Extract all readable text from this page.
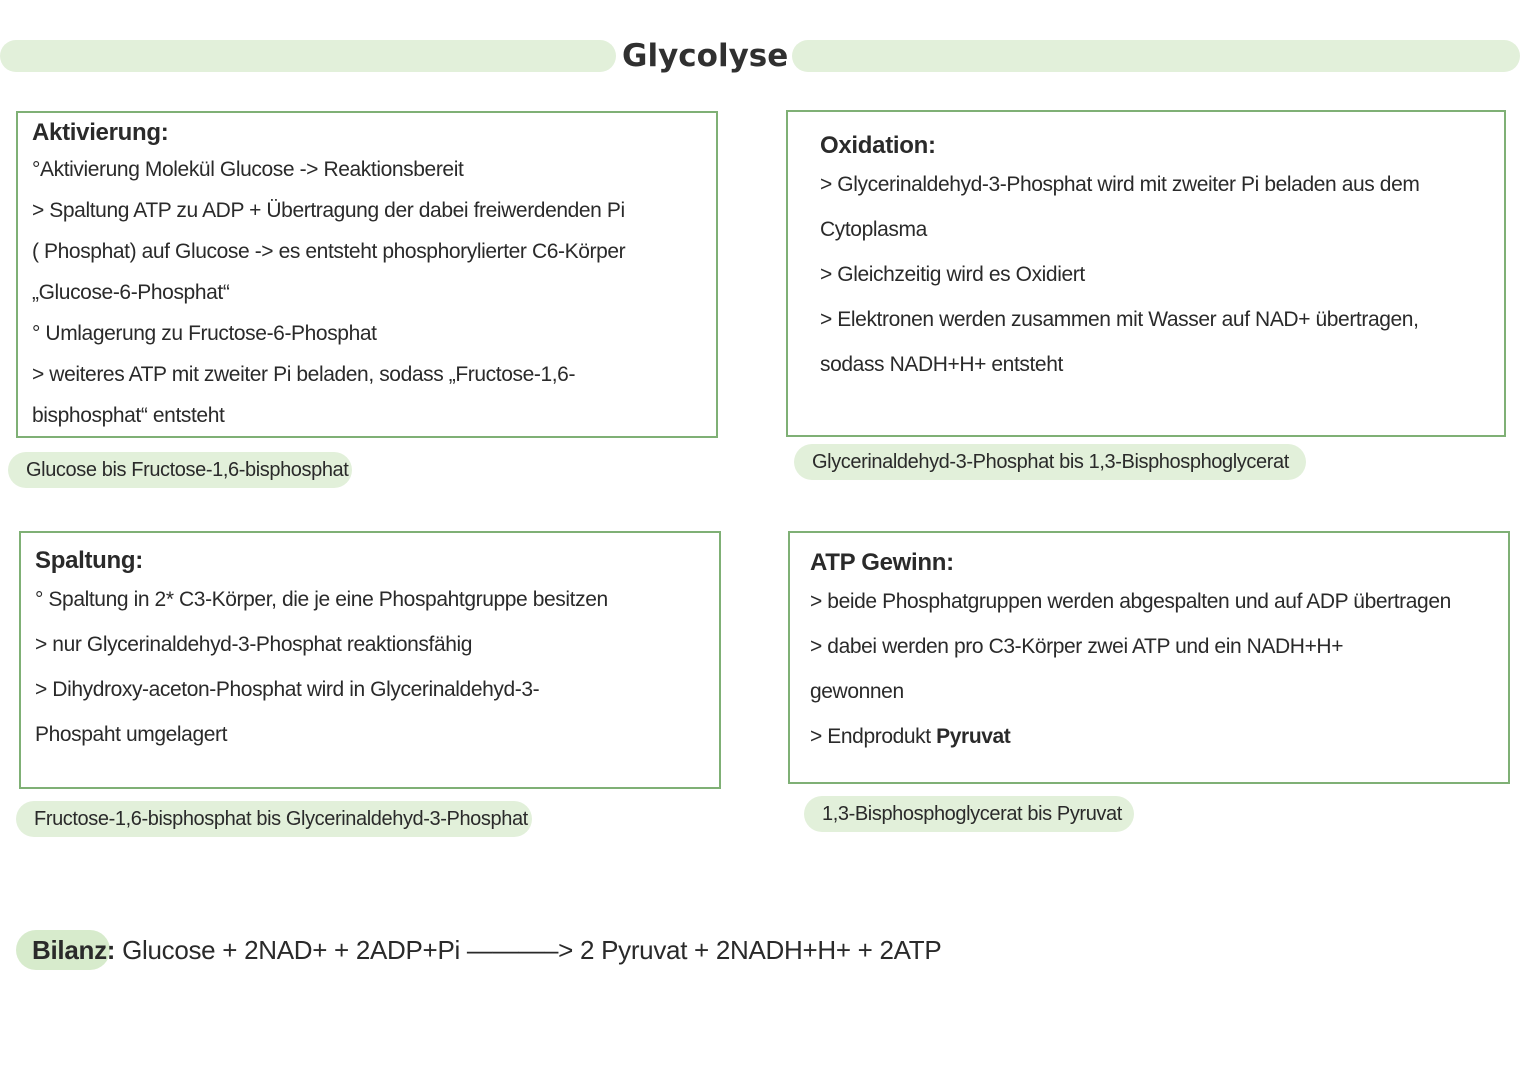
Glycolyse
Aktivierung:
°Aktivierung Molekül Glucose -> Reaktionsbereit
> Spaltung ATP zu ADP + Übertragung der dabei freiwerdenden Pi
( Phosphat) auf Glucose -> es entsteht phosphorylierter C6-Körper
„Glucose-6-Phosphat“
° Umlagerung zu Fructose-6-Phosphat
> weiteres ATP mit zweiter Pi beladen, sodass „Fructose-1,6-
bisphosphat“ entsteht
Glucose bis Fructose-1,6-bisphosphat
Oxidation:
> Glycerinaldehyd-3-Phosphat wird mit zweiter Pi beladen aus dem
Cytoplasma
> Gleichzeitig wird es Oxidiert
> Elektronen werden zusammen mit Wasser auf NAD+ übertragen,
sodass NADH+H+ entsteht
Glycerinaldehyd-3-Phosphat bis 1,3-Bisphosphoglycerat
Spaltung:
° Spaltung in 2* C3-Körper, die je eine Phospahtgruppe besitzen
> nur Glycerinaldehyd-3-Phosphat reaktionsfähig
> Dihydroxy-aceton-Phosphat wird in Glycerinaldehyd-3-
Phospaht umgelagert
Fructose-1,6-bisphosphat bis Glycerinaldehyd-3-Phosphat
ATP Gewinn:
> beide Phosphatgruppen werden abgespalten und auf ADP übertragen
> dabei werden pro C3-Körper zwei ATP und ein NADH+H+
gewonnen
> Endprodukt Pyruvat
1,3-Bisphosphoglycerat bis Pyruvat
Bilanz: Glucose + 2NAD+ + 2ADP+Pi ———–> 2 Pyruvat + 2NADH+H+ + 2ATP
